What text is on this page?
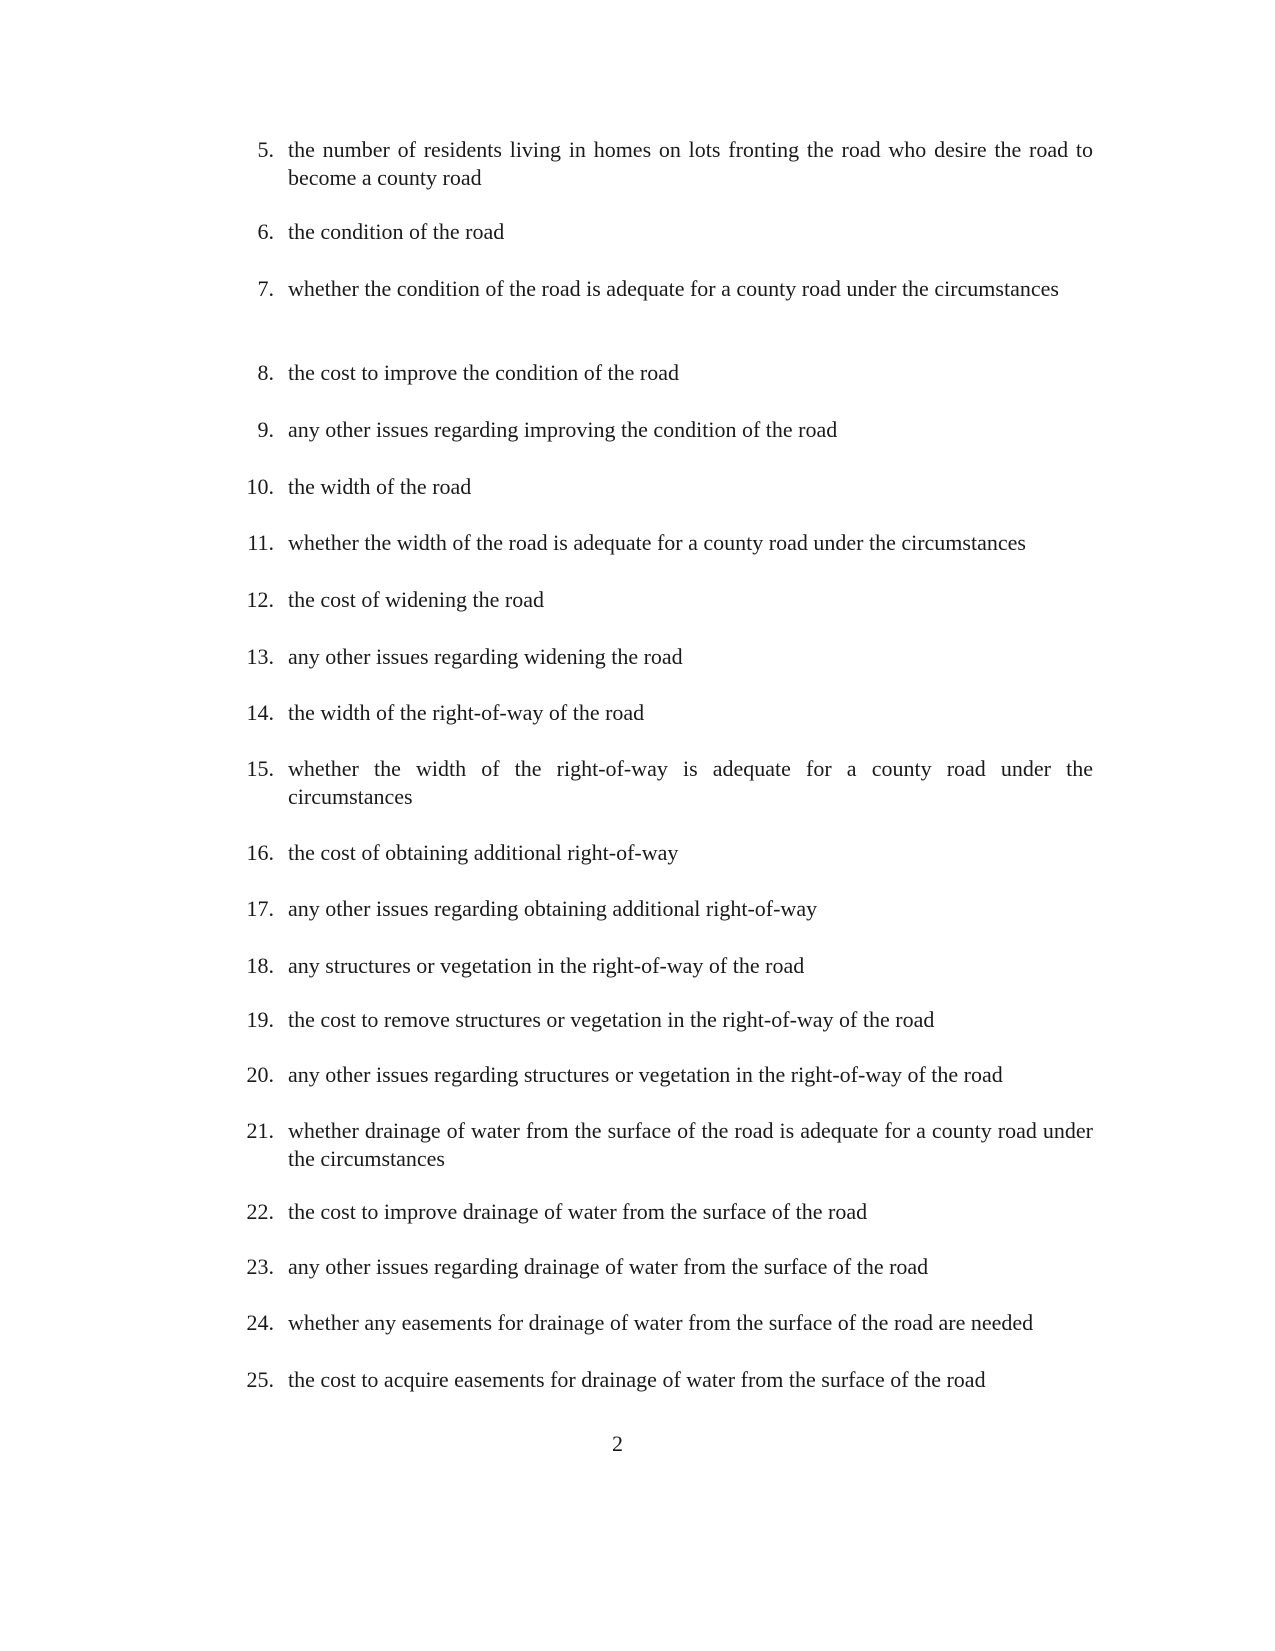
5. the number of residents living in homes on lots fronting the road who desire the road to become a county road
6. the condition of the road
7. whether the condition of the road is adequate for a county road under the circumstances
8. the cost to improve the condition of the road
9. any other issues regarding improving the condition of the road
10. the width of the road
11. whether the width of the road is adequate for a county road under the circumstances
12. the cost of widening the road
13. any other issues regarding widening the road
14. the width of the right-of-way of the road
15. whether the width of the right-of-way is adequate for a county road under the circumstances
16. the cost of obtaining additional right-of-way
17. any other issues regarding obtaining additional right-of-way
18. any structures or vegetation in the right-of-way of the road
19. the cost to remove structures or vegetation in the right-of-way of the road
20. any other issues regarding structures or vegetation in the right-of-way of the road
21. whether drainage of water from the surface of the road is adequate for a county road under the circumstances
22. the cost to improve drainage of water from the surface of the road
23. any other issues regarding drainage of water from the surface of the road
24. whether any easements for drainage of water from the surface of the road are needed
25. the cost to acquire easements for drainage of water from the surface of the road
2
